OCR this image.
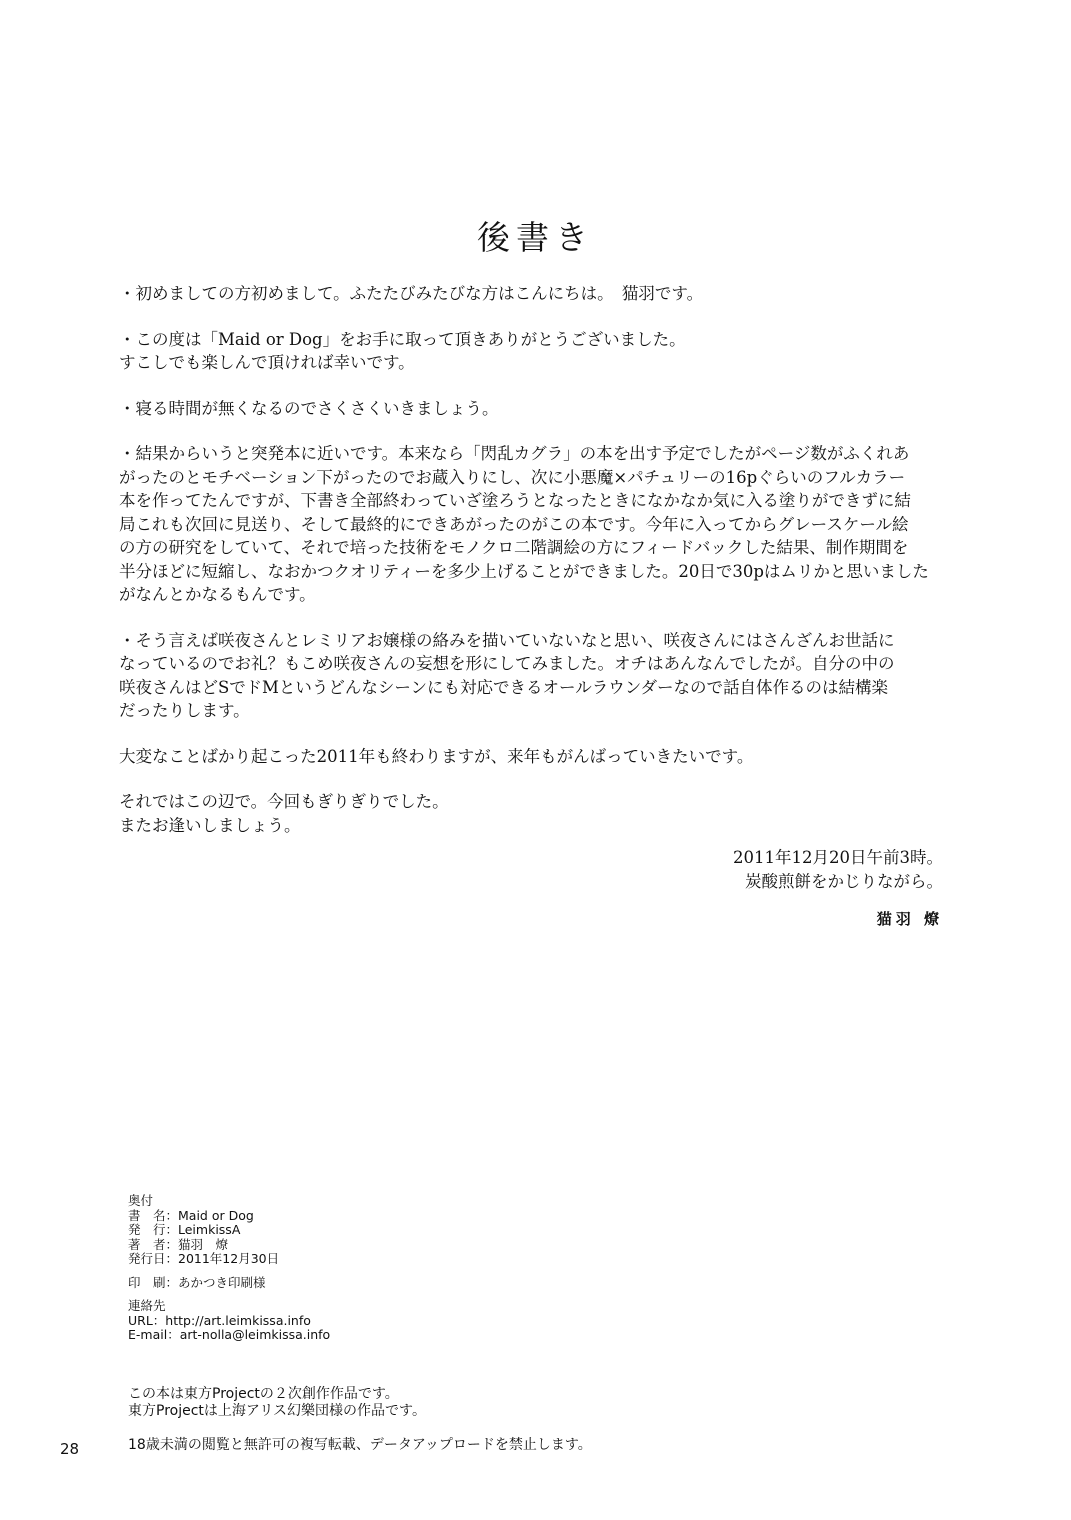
後書き
・初めましての方初めまして。ふたたびみたびな方はこんにちは。　猫羽です。
・この度は「Maid or Dog」をお手に取って頂きありがとうございました。
すこしでも楽しんで頂ければ幸いです。
・寝る時間が無くなるのでさくさくいきましょう。
・結果からいうと突発本に近いです。本来なら「閃乱カグラ」の本を出す予定でしたがページ数がふくれあ
がったのとモチベーション下がったのでお蔵入りにし、次に小悪魔×パチュリーの16pぐらいのフルカラー
本を作ってたんですが、下書き全部終わっていざ塗ろうとなったときになかなか気に入る塗りができずに結
局これも次回に見送り、そして最終的にできあがったのがこの本です。今年に入ってからグレースケール絵
の方の研究をしていて、それで培った技術をモノクロ二階調絵の方にフィードバックした結果、制作期間を
半分ほどに短縮し、なおかつクオリティーを多少上げることができました。20日で30pはムリかと思いました
がなんとかなるもんです。
・そう言えば咲夜さんとレミリアお嬢様の絡みを描いていないなと思い、咲夜さんにはさんざんお世話に
なっているのでお礼？もこめ咲夜さんの妄想を形にしてみました。オチはあんなんでしたが。自分の中の
咲夜さんはどSでドMというどんなシーンにも対応できるオールラウンダーなので話自体作るのは結構楽
だったりします。
大変なことばかり起こった2011年も終わりますが、来年もがんばっていきたいです。
それではこの辺で。今回もぎりぎりでした。
またお逢いしましょう。
2011年12月20日午前3時。
炭酸煎餅をかじりながら。
猫羽 燎
奥付
書　名：Maid or Dog
発　行：LeimkissA
著　者：猫羽　燎
発行日：2011年12月30日
印　刷：あかつき印刷様
連絡先
URL：http://art.leimkissa.info
E-mail：art-nolla@leimkissa.info
この本は東方Projectの２次創作作品です。
東方Projectは上海アリス幻樂団様の作品です。
18歳未満の閲覧と無許可の複写転載、データアップロードを禁止します。
28
